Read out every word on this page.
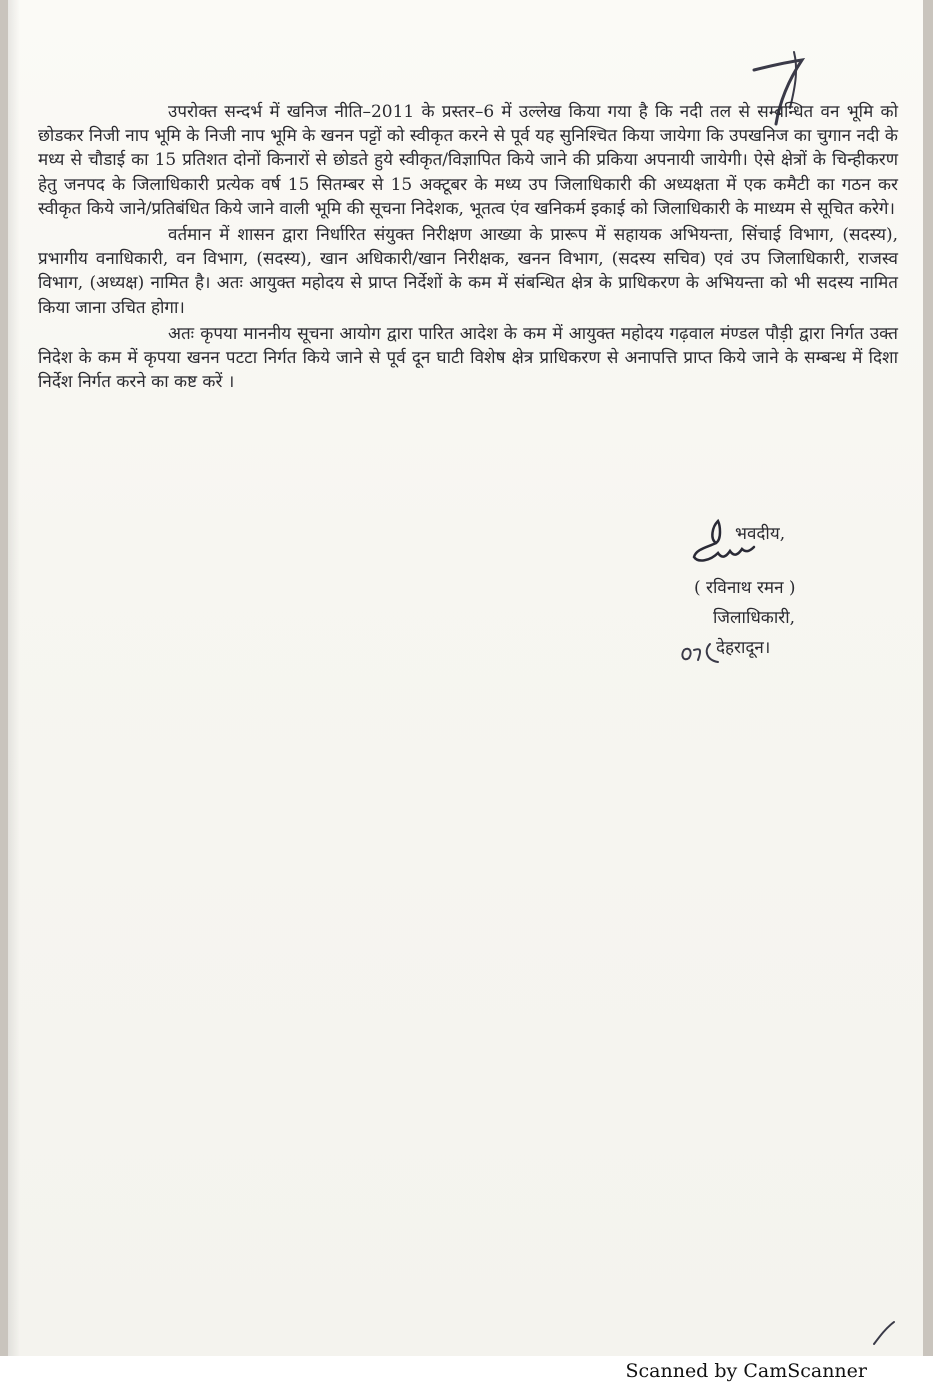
उपरोक्त सन्दर्भ में खनिज नीति–2011 के प्रस्तर–6 में उल्लेख किया गया है कि नदी तल से सम्बन्धित वन भूमि को छोडकर निजी नाप भूमि के निजी नाप भूमि के खनन पट्टों को स्वीकृत करने से पूर्व यह सुनिश्चित किया जायेगा कि उपखनिज का चुगान नदी के मध्य से चौडाई का 15 प्रतिशत दोनों किनारों से छोडते हुये स्वीकृत/विज्ञापित किये जाने की प्रकिया अपनायी जायेगी। ऐसे क्षेत्रों के चिन्हीकरण हेतु जनपद के जिलाधिकारी प्रत्येक वर्ष 15 सितम्बर से 15 अक्टूबर के मध्य उप जिलाधिकारी की अध्यक्षता में एक कमैटी का गठन कर स्वीकृत किये जाने/प्रतिबंधित किये जाने वाली भूमि की सूचना निदेशक, भूतत्व एंव खनिकर्म इकाई को जिलाधिकारी के माध्यम से सूचित करेगे।

वर्तमान में शासन द्वारा निर्धारित संयुक्त निरीक्षण आख्या के प्रारूप में सहायक अभियन्ता, सिंचाई विभाग, (सदस्य), प्रभागीय वनाधिकारी, वन विभाग, (सदस्य), खान अधिकारी/खान निरीक्षक, खनन विभाग, (सदस्य सचिव) एवं उप जिलाधिकारी, राजस्व विभाग, (अध्यक्ष) नामित है। अतः आयुक्त महोदय से प्राप्त निर्देशों के कम में संबन्धित क्षेत्र के प्राधिकरण के अभियन्ता को भी सदस्य नामित किया जाना उचित होगा।

अतः कृपया माननीय सूचना आयोग द्वारा पारित आदेश के कम में आयुक्त महोदय गढ़वाल मंण्डल पौड़ी द्वारा निर्गत उक्त निदेश के कम में कृपया खनन पटटा निर्गत किये जाने से पूर्व दून घाटी विशेष क्षेत्र प्राधिकरण से अनापत्ति प्राप्त किये जाने के सम्बन्ध में दिशा निर्देश निर्गत करने का कष्ट करें ।

भवदीय,
( रविनाथ रमन )
जिलाधिकारी,
देहरादून।
Scanned by CamScanner
